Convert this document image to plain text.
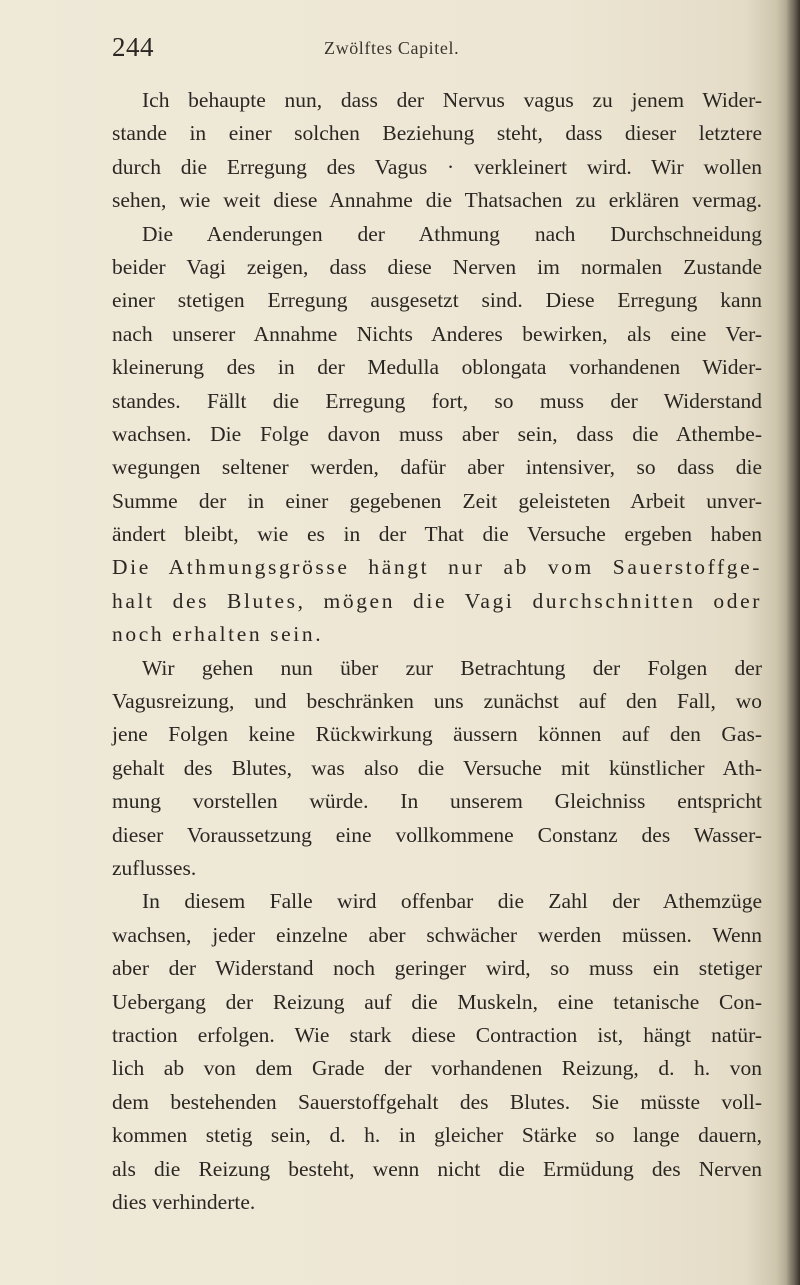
244	Zwölftes Capitel.
Ich behaupte nun, dass der Nervus vagus zu jenem Wider-
stande in einer solchen Beziehung steht, dass dieser letztere
durch die Erregung des Vagus · verkleinert wird. Wir wollen
sehen, wie weit diese Annahme die Thatsachen zu erklären vermag.
Die Aenderungen der Athmung nach Durchschneidung
beider Vagi zeigen, dass diese Nerven im normalen Zustande
einer stetigen Erregung ausgesetzt sind. Diese Erregung kann
nach unserer Annahme Nichts Anderes bewirken, als eine Ver-
kleinerung des in der Medulla oblongata vorhandenen Wider-
standes. Fällt die Erregung fort, so muss der Widerstand
wachsen. Die Folge davon muss aber sein, dass die Athembe-
wegungen seltener werden, dafür aber intensiver, so dass die
Summe der in einer gegebenen Zeit geleisteten Arbeit unver-
ändert bleibt, wie es in der That die Versuche ergeben haben
Die Athmungsgrösse hängt nur ab vom Sauerstoffge-
halt des Blutes, mögen die Vagi durchschnitten oder
noch erhalten sein.
Wir gehen nun über zur Betrachtung der Folgen der
Vagusreizung, und beschränken uns zunächst auf den Fall, wo
jene Folgen keine Rückwirkung äussern können auf den Gas-
gehalt des Blutes, was also die Versuche mit künstlicher Ath-
mung vorstellen würde. In unserem Gleichniss entspricht
dieser Voraussetzung eine vollkommene Constanz des Wasser-
zuflusses.
In diesem Falle wird offenbar die Zahl der Athemzüge
wachsen, jeder einzelne aber schwächer werden müssen. Wenn
aber der Widerstand noch geringer wird, so muss ein stetiger
Uebergang der Reizung auf die Muskeln, eine tetanische Con-
traction erfolgen. Wie stark diese Contraction ist, hängt natür-
lich ab von dem Grade der vorhandenen Reizung, d. h. von
dem bestehenden Sauerstoffgehalt des Blutes. Sie müsste voll-
kommen stetig sein, d. h. in gleicher Stärke so lange dauern,
als die Reizung besteht, wenn nicht die Ermüdung des Nerven
dies verhinderte.
